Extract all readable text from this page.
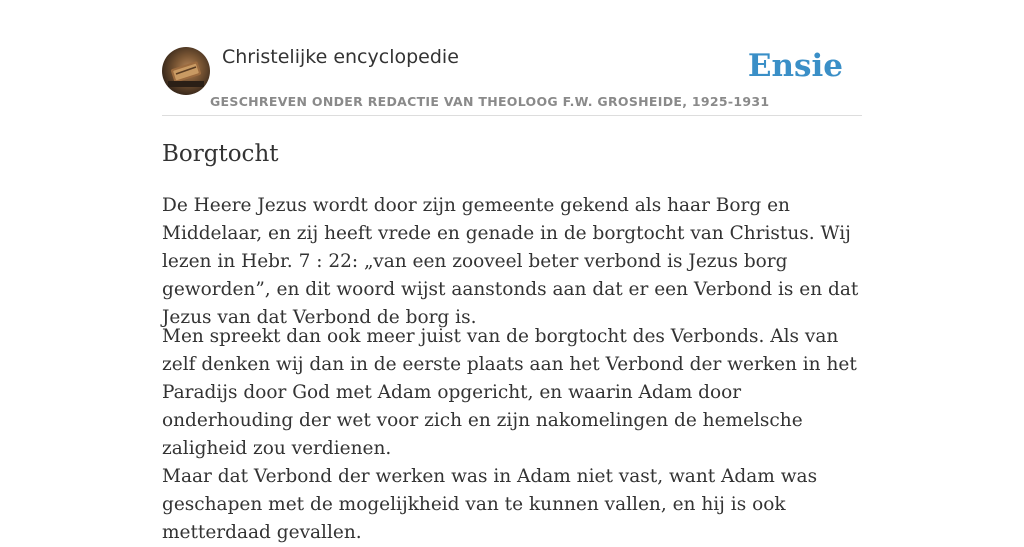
Christelijke encyclopedie
GESCHREVEN ONDER REDACTIE VAN THEOLOOG F.W. GROSHEIDE, 1925-1931
Ensie
Borgtocht

De Heere Jezus wordt door zijn gemeente gekend als haar Borg en Middelaar, en zij heeft vrede en genade in de borgtocht van Christus. Wij lezen in Hebr. 7 : 22: „van een zooveel beter verbond is Jezus borg geworden”, en dit woord wijst aanstonds aan dat er een Verbond is en dat Jezus van dat Verbond de borg is.

Men spreekt dan ook meer juist van de borgtocht des Verbonds. Als van zelf denken wij dan in de eerste plaats aan het Verbond der werken in het Paradijs door God met Adam opgericht, en waarin Adam door onderhouding der wet voor zich en zijn nakomelingen de hemelsche zaligheid zou verdienen.

Maar dat Verbond der werken was in Adam niet vast, want Adam was geschapen met de mogelijkheid van te kunnen vallen, en hij is ook metterdaad gevallen.
